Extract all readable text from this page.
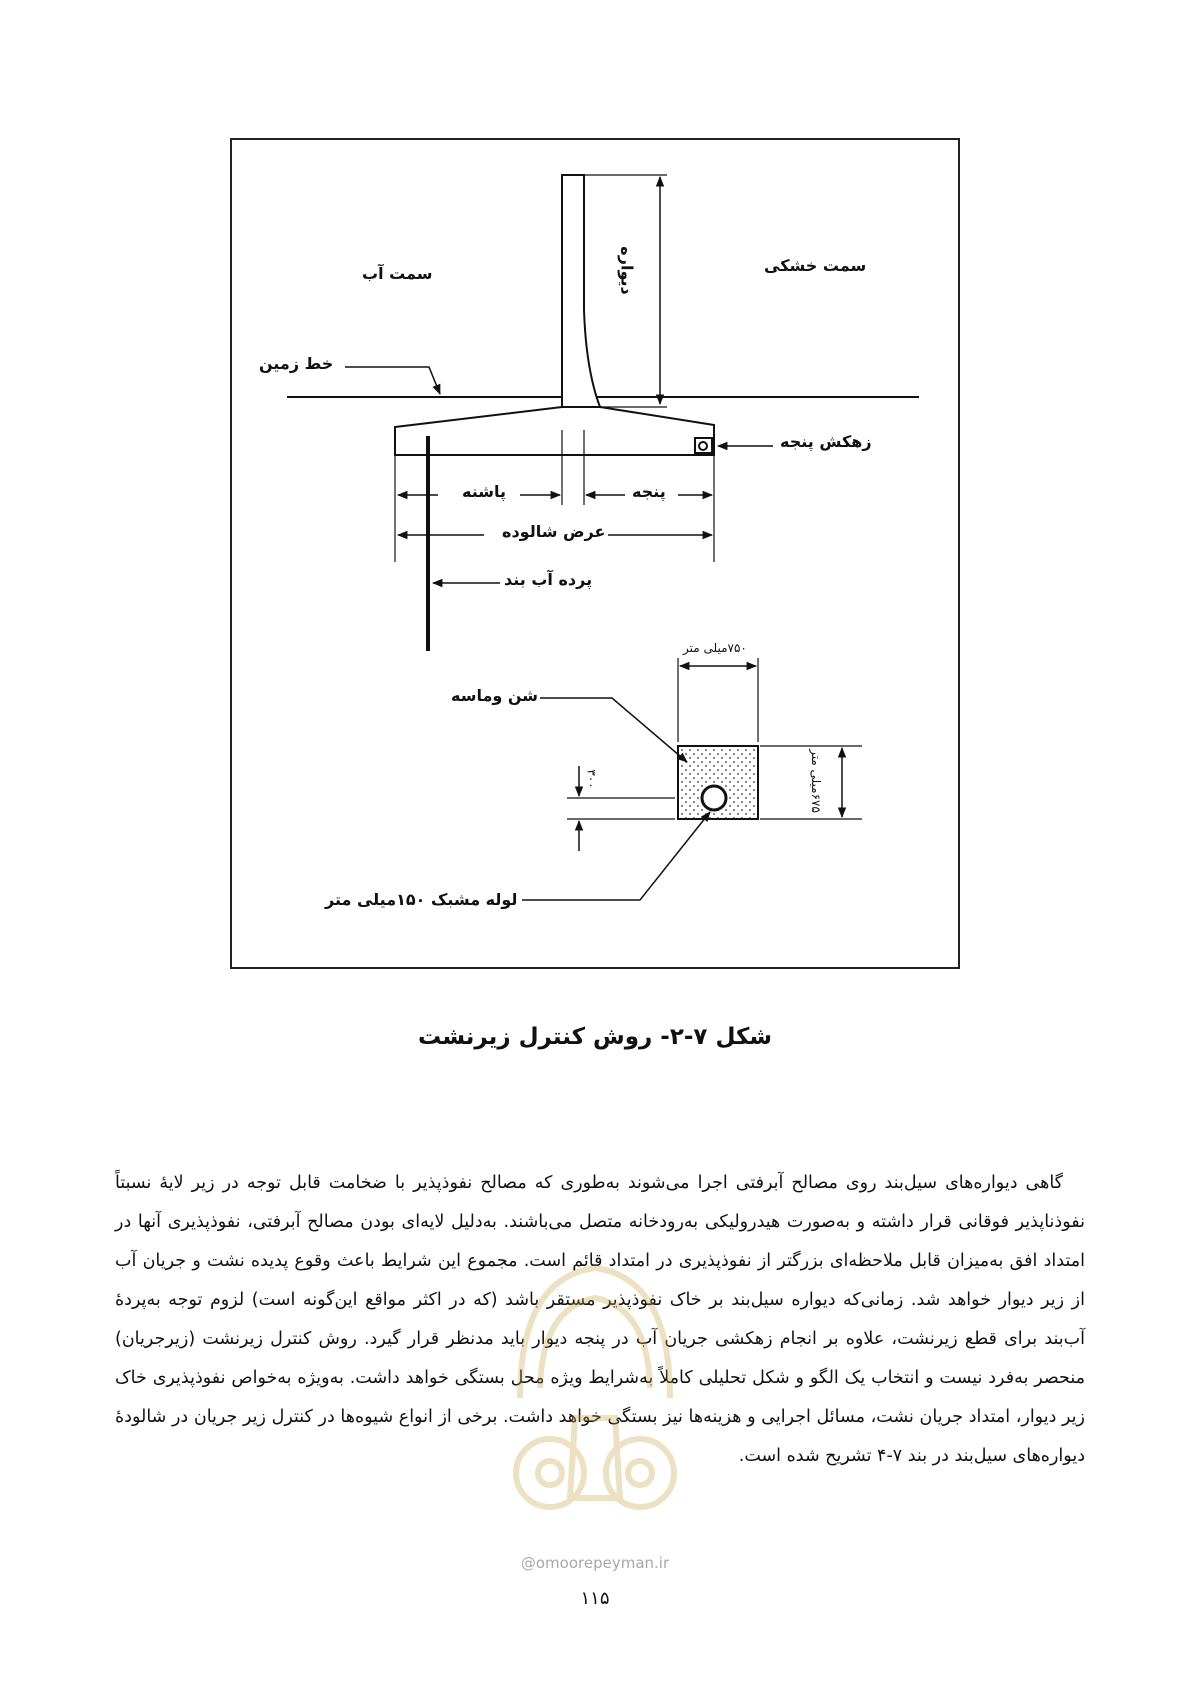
سمت آب	سمت خشکی
دیواره
خط زمین
زهکش پنجه
پاشنه	پنجه
عرض شالوده
پرده آب بند
شن وماسه
۷۵۰میلی متر
۶۷۵میلی متر
۳۰۰
لوله مشبک ۱۵۰میلی متر
شکل ۷-۲- روش کنترل زیرنشت

گاهی دیواره‌های سیل‌بند روی مصالح آبرفتی اجرا می‌شوند به‌طوری که مصالح نفوذپذیر با ضخامت قابل توجه در زیر لایهٔ نسبتاً نفوذناپذیر فوقانی قرار داشته و به‌صورت هیدرولیکی به‌رودخانه متصل می‌باشند. به‌دلیل لایه‌ای بودن مصالح آبرفتی، نفوذپذیری آنها در امتداد افق به‌میزان قابل ملاحظه‌ای بزرگتر از نفوذپذیری در امتداد قائم است. مجموع این شرایط باعث وقوع پدیده نشت و جریان آب از زیر دیوار خواهد شد. زمانی‌که دیواره سیل‌بند بر خاک نفوذپذیر مستقر باشد (که در اکثر مواقع این‌گونه است) لزوم توجه به‌پردهٔ آب‌بند برای قطع زیرنشت، علاوه بر انجام زهکشی جریان آب در پنجه دیوار باید مدنظر قرار گیرد. روش کنترل زیرنشت (زیرجریان) منحصر به‌فرد نیست و انتخاب یک الگو و شکل تحلیلی کاملاً به‌شرایط ویژه محل بستگی خواهد داشت. به‌ویژه به‌خواص نفوذپذیری خاک زیر دیوار، امتداد جریان نشت، مسائل اجرایی و هزینه‌ها نیز بستگی خواهد داشت. برخی از انواع شیوه‌ها در کنترل زیر جریان در شالودهٔ دیواره‌های سیل‌بند در بند ۷-۴ تشریح شده است.

@omoorepeyman.ir
۱۱۵
